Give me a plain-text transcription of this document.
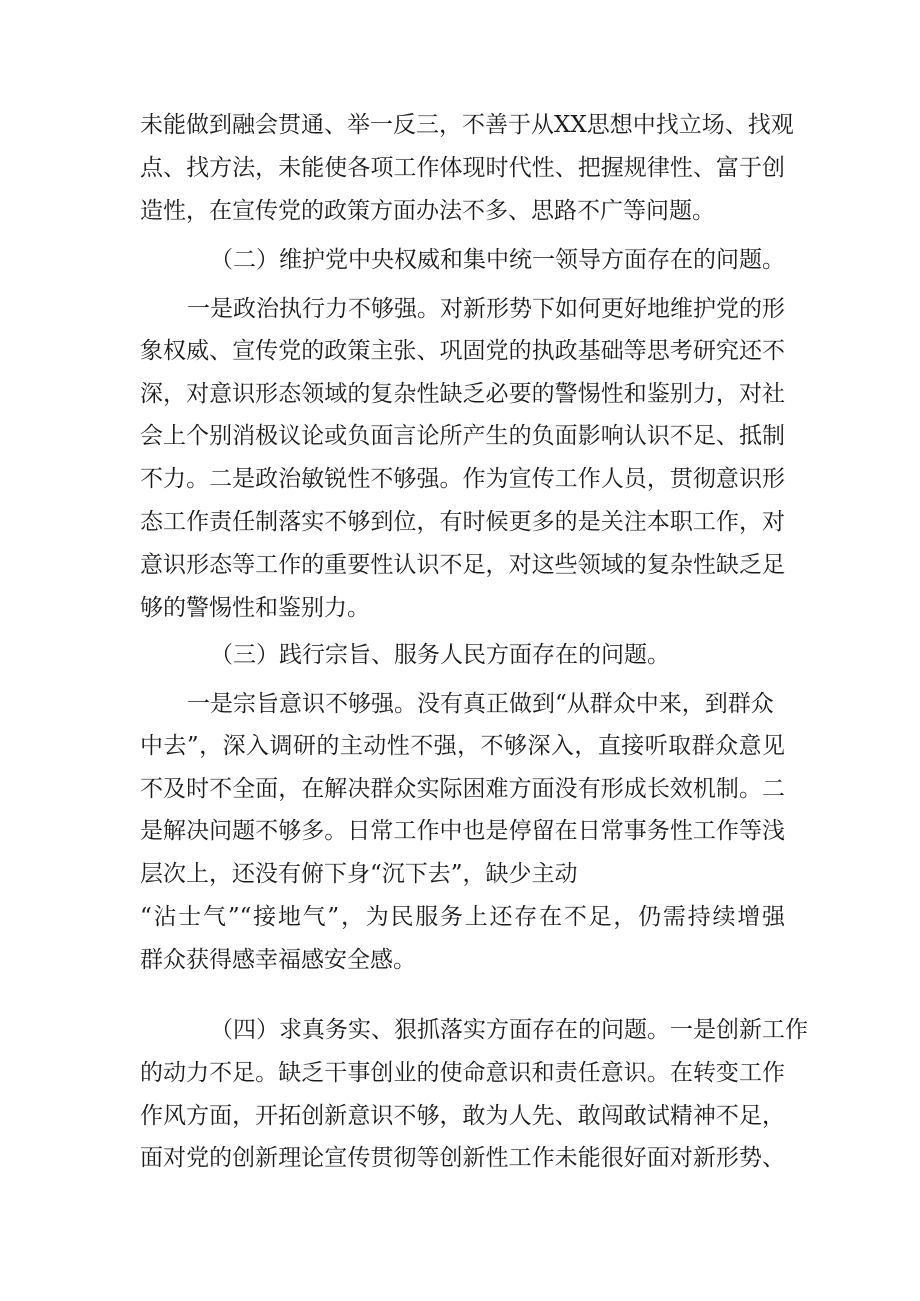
未能做到融会贯通、举一反三，不善于从XX思想中找立场、找观
点、找方法，未能使各项工作体现时代性、把握规律性、富于创
造性，在宣传党的政策方面办法不多、思路不广等问题。
（二）维护党中央权威和集中统一领导方面存在的问题。
一是政治执行力不够强。对新形势下如何更好地维护党的形
象权威、宣传党的政策主张、巩固党的执政基础等思考研究还不
深，对意识形态领域的复杂性缺乏必要的警惕性和鉴别力，对社
会上个别消极议论或负面言论所产生的负面影响认识不足、抵制
不力。二是政治敏锐性不够强。作为宣传工作人员，贯彻意识形
态工作责任制落实不够到位，有时候更多的是关注本职工作，对
意识形态等工作的重要性认识不足，对这些领域的复杂性缺乏足
够的警惕性和鉴别力。
（三）践行宗旨、服务人民方面存在的问题。
一是宗旨意识不够强。没有真正做到“从群众中来，到群众
中去”，深入调研的主动性不强，不够深入，直接听取群众意见
不及时不全面，在解决群众实际困难方面没有形成长效机制。二
是解决问题不够多。日常工作中也是停留在日常事务性工作等浅
层次上，还没有俯下身“沉下去”，缺少主动
“沾士气”“接地气”，为民服务上还存在不足，仍需持续增强
群众获得感幸福感安全感。
（四）求真务实、狠抓落实方面存在的问题。一是创新工作
的动力不足。缺乏干事创业的使命意识和责任意识。在转变工作
作风方面，开拓创新意识不够，敢为人先、敢闯敢试精神不足，
面对党的创新理论宣传贯彻等创新性工作未能很好面对新形势、
